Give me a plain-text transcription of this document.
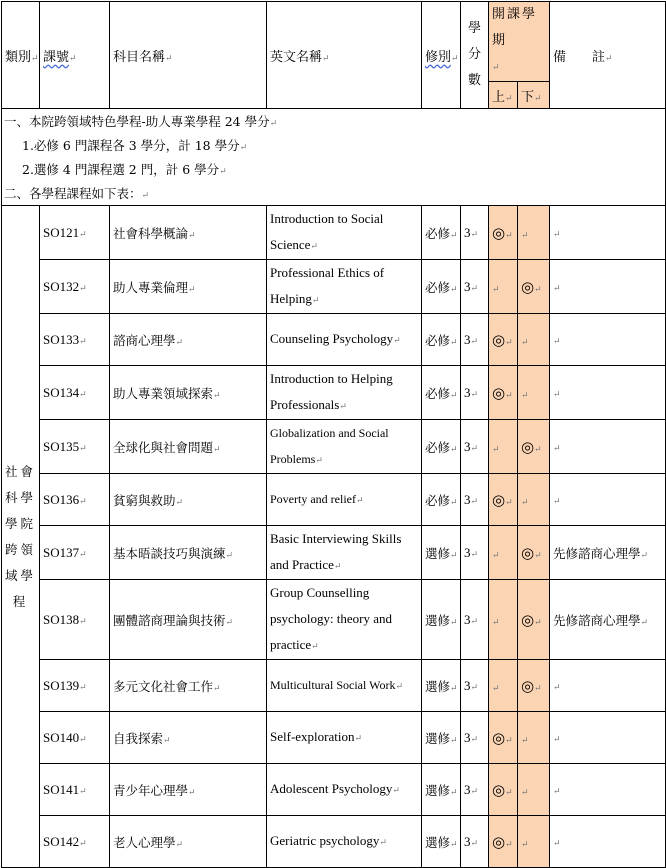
類別 ↵	課號 ↵	科目名稱 ↵	英文名稱 ↵	修別 ↵	學分數	開課學期 ↵		備　　註 ↵

						上 ↵	下 ↵
一、本院跨領域特色學程-助人專業學程 24 學分 ↵
1.必修 6 門課程各 3 學分，計 18 學分 ↵
2.選修 4 門課程選 2 門，計 6 學分 ↵
二、各學程課程如下表： ↵
社會科學學院跨領域學程	SO121 ↵	社會科學概論 ↵	Introduction to Social Science ↵	必修 ↵	3 ↵	◎ ↵	↵	↵
	SO132 ↵	助人專業倫理 ↵	Professional Ethics of Helping ↵	必修 ↵	3 ↵	↵	◎ ↵	↵
	SO133 ↵	諮商心理學 ↵	Counseling Psychology ↵	必修 ↵	3 ↵	◎ ↵	↵	↵
	SO134 ↵	助人專業領域探索 ↵	Introduction to Helping Professionals ↵	必修 ↵	3 ↵	◎ ↵	↵	↵
	SO135 ↵	全球化與社會問題 ↵	Globalization and Social Problems ↵	必修 ↵	3 ↵	↵	◎ ↵	↵
	SO136 ↵	貧窮與救助 ↵	Poverty and relief ↵	必修 ↵	3 ↵	◎ ↵	↵	↵
	SO137 ↵	基本晤談技巧與演練 ↵	Basic Interviewing Skills and Practice ↵	選修 ↵	3 ↵	↵	◎ ↵	先修諮商心理學 ↵
	SO138 ↵	團體諮商理論與技術 ↵	Group Counselling psychology: theory and practice ↵	選修 ↵	3 ↵	↵	◎ ↵	先修諮商心理學 ↵
	SO139 ↵	多元文化社會工作 ↵	Multicultural Social Work ↵	選修 ↵	3 ↵	↵	◎ ↵	↵
	SO140 ↵	自我探索 ↵	Self-exploration ↵	選修 ↵	3 ↵	◎ ↵	↵	↵
	SO141 ↵	青少年心理學 ↵	Adolescent Psychology ↵	選修 ↵	3 ↵	◎ ↵	↵	↵
	SO142 ↵	老人心理學 ↵	Geriatric psychology ↵	選修 ↵	3 ↵	◎ ↵	↵	↵
